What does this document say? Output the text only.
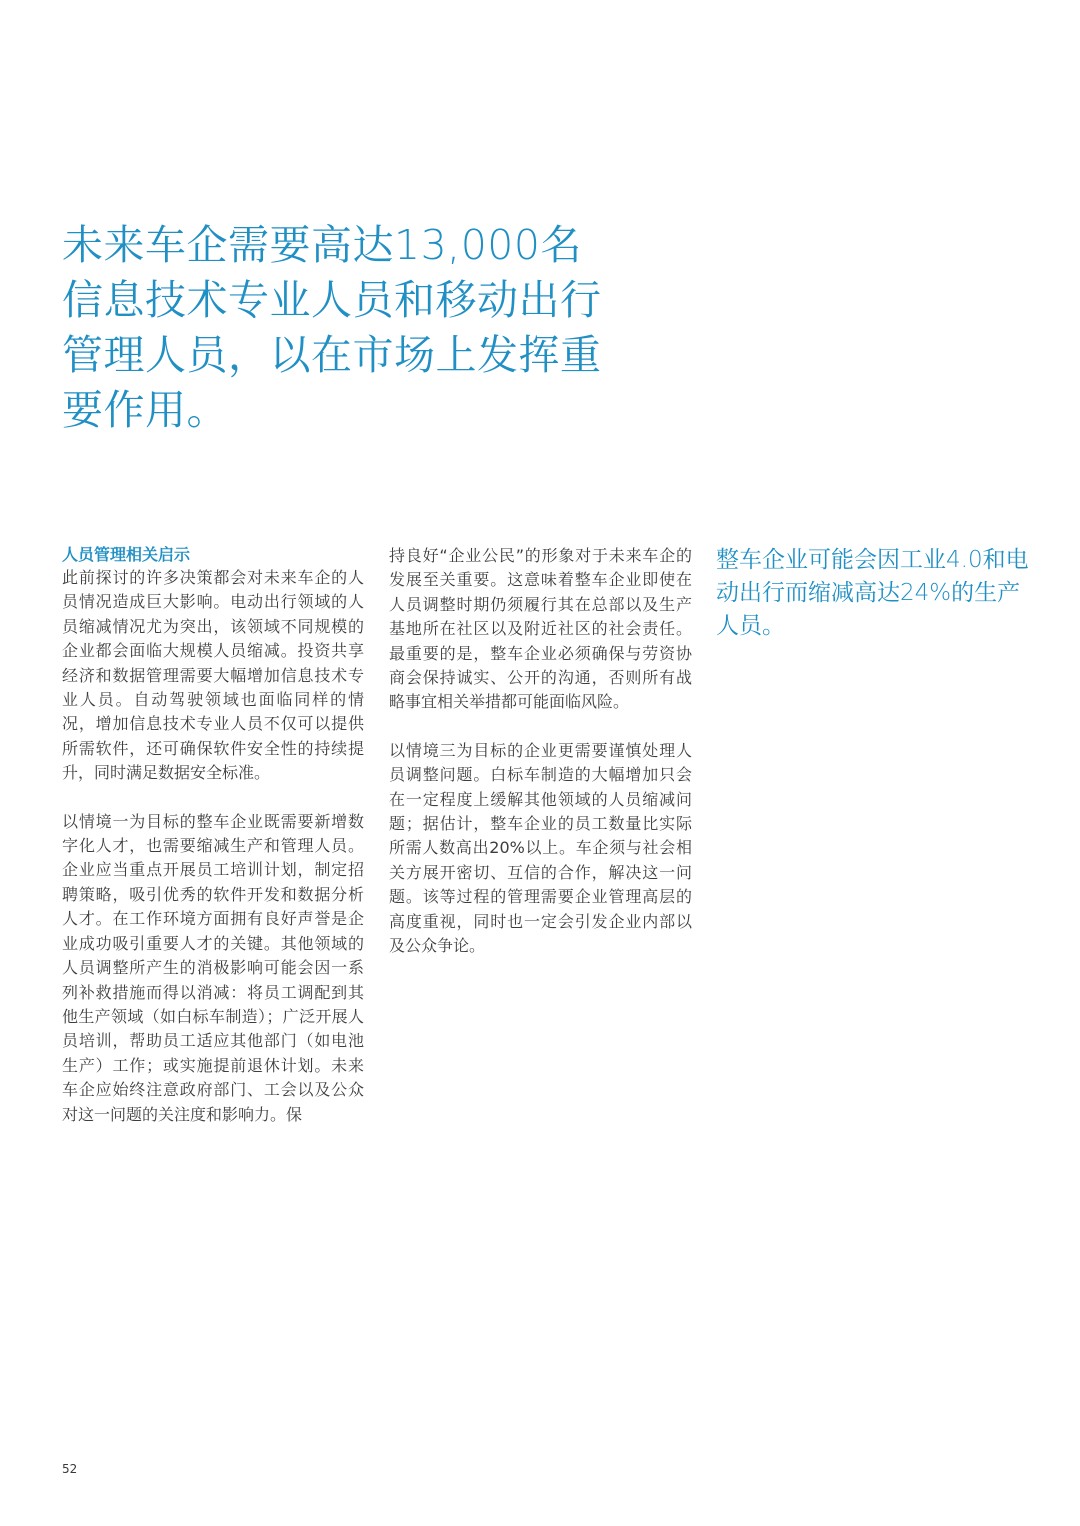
未来车企需要高达13,000名信息技术专业人员和移动出行管理人员，以在市场上发挥重要作用。
人员管理相关启示

此前探讨的许多决策都会对未来车企的人员情况造成巨大影响。电动出行领域的人员缩减情况尤为突出，该领域不同规模的企业都会面临大规模人员缩减。投资共享经济和数据管理需要大幅增加信息技术专业人员。自动驾驶领域也面临同样的情况，增加信息技术专业人员不仅可以提供所需软件，还可确保软件安全性的持续提升，同时满足数据安全标准。

以情境一为目标的整车企业既需要新增数字化人才，也需要缩减生产和管理人员。企业应当重点开展员工培训计划，制定招聘策略，吸引优秀的软件开发和数据分析人才。在工作环境方面拥有良好声誉是企业成功吸引重要人才的关键。其他领域的人员调整所产生的消极影响可能会因一系列补救措施而得以消减：将员工调配到其他生产领域（如白标车制造）；广泛开展人员培训，帮助员工适应其他部门（如电池生产）工作；或实施提前退休计划。未来车企应始终注意政府部门、工会以及公众对这一问题的关注度和影响力。保

持良好“企业公民”的形象对于未来车企的发展至关重要。这意味着整车企业即使在人员调整时期仍须履行其在总部以及生产基地所在社区以及附近社区的社会责任。最重要的是，整车企业必须确保与劳资协商会保持诚实、公开的沟通，否则所有战略事宜相关举措都可能面临风险。

以情境三为目标的企业更需要谨慎处理人员调整问题。白标车制造的大幅增加只会在一定程度上缓解其他领域的人员缩减问题；据估计，整车企业的员工数量比实际所需人数高出20%以上。车企须与社会相关方展开密切、互信的合作，解决这一问题。该等过程的管理需要企业管理高层的高度重视，同时也一定会引发企业内部以及公众争论。

整车企业可能会因工业4.0和电动出行而缩减高达24%的生产人员。
52
